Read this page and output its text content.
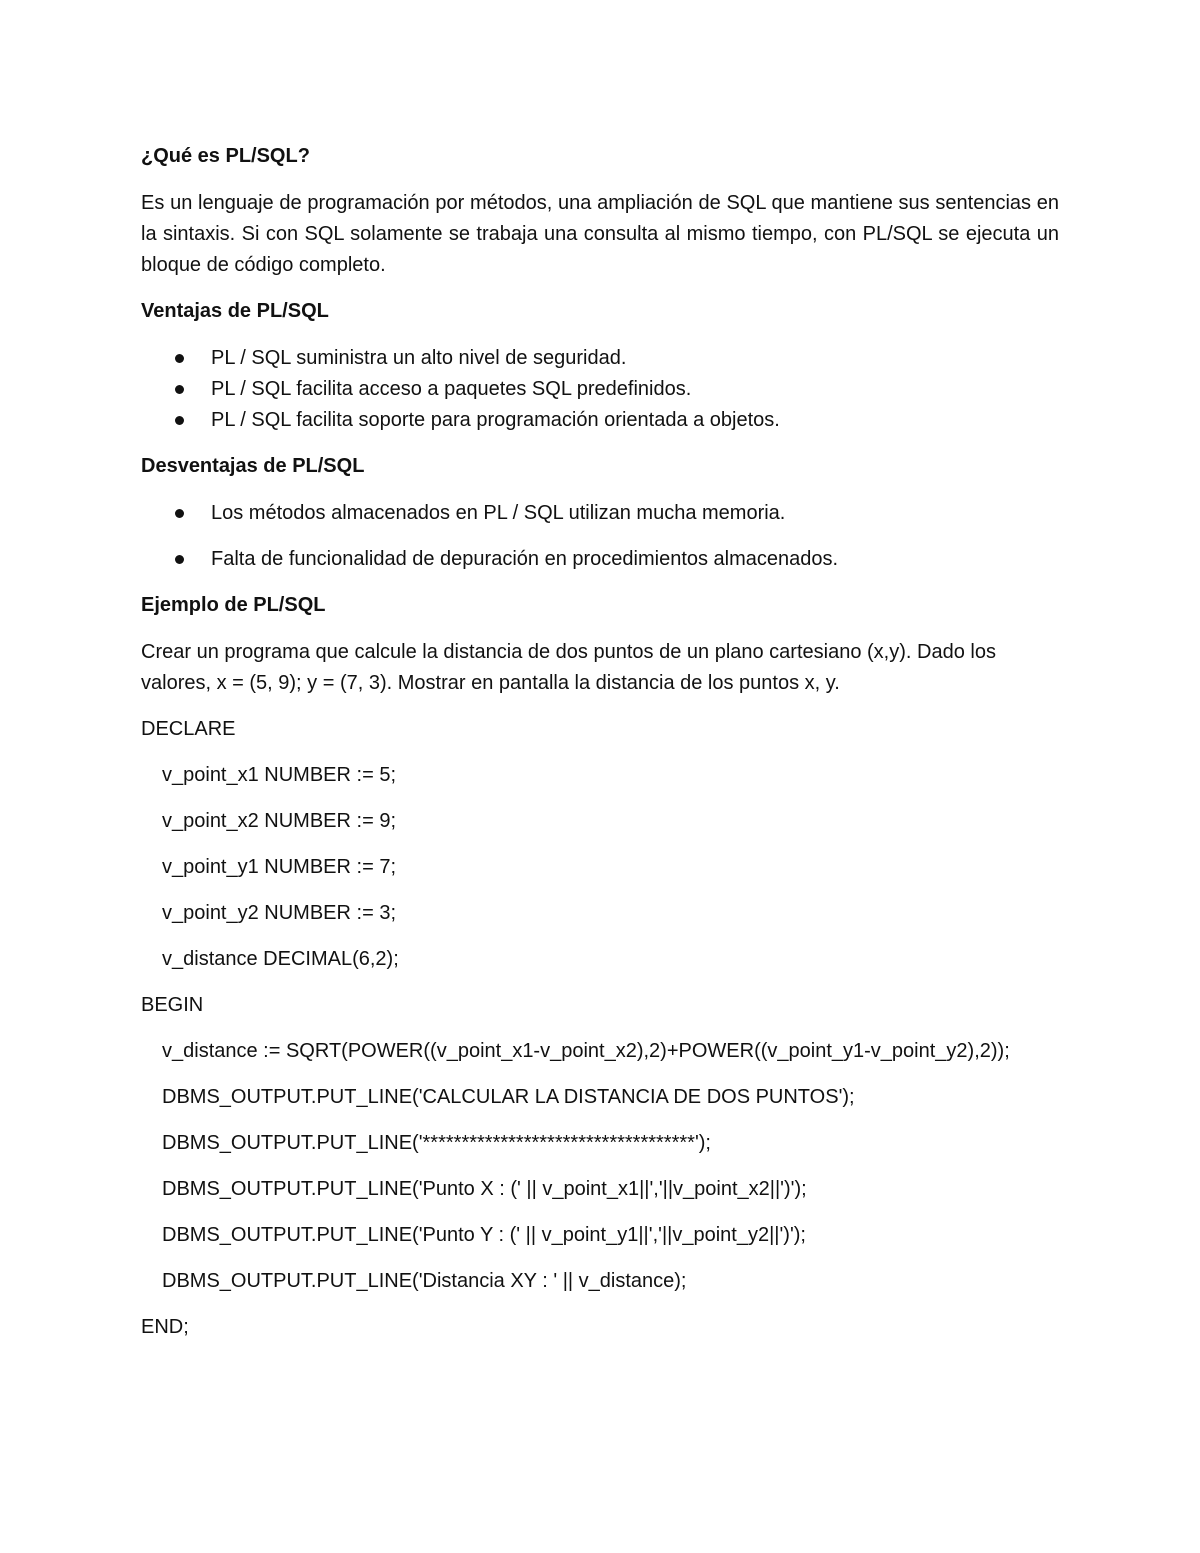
¿Qué es PL/SQL?
Es un lenguaje de programación por métodos, una ampliación de SQL que mantiene sus sentencias en la sintaxis. Si con SQL solamente se trabaja una consulta al mismo tiempo, con PL/SQL se ejecuta un bloque de código completo.
Ventajas de PL/SQL
PL / SQL suministra un alto nivel de seguridad.
PL / SQL facilita acceso a paquetes SQL predefinidos.
PL / SQL facilita soporte para programación orientada a objetos.
Desventajas de PL/SQL
Los métodos almacenados en PL / SQL utilizan mucha memoria.
Falta de funcionalidad de depuración en procedimientos almacenados.
Ejemplo de PL/SQL
Crear un programa que calcule la distancia de dos puntos de un plano cartesiano (x,y). Dado los valores, x = (5, 9); y = (7, 3). Mostrar en pantalla la distancia de los puntos x, y.
DECLARE
v_point_x1 NUMBER := 5;
v_point_x2 NUMBER := 9;
v_point_y1 NUMBER := 7;
v_point_y2 NUMBER := 3;
v_distance DECIMAL(6,2);
BEGIN
v_distance := SQRT(POWER((v_point_x1-v_point_x2),2)+POWER((v_point_y1-v_point_y2),2));
DBMS_OUTPUT.PUT_LINE('CALCULAR LA DISTANCIA DE DOS PUNTOS');
DBMS_OUTPUT.PUT_LINE('***********************************');
DBMS_OUTPUT.PUT_LINE('Punto X : (' || v_point_x1||','||v_point_x2||')');
DBMS_OUTPUT.PUT_LINE('Punto Y : (' || v_point_y1||','||v_point_y2||')');
DBMS_OUTPUT.PUT_LINE('Distancia XY : ' || v_distance);
END;
